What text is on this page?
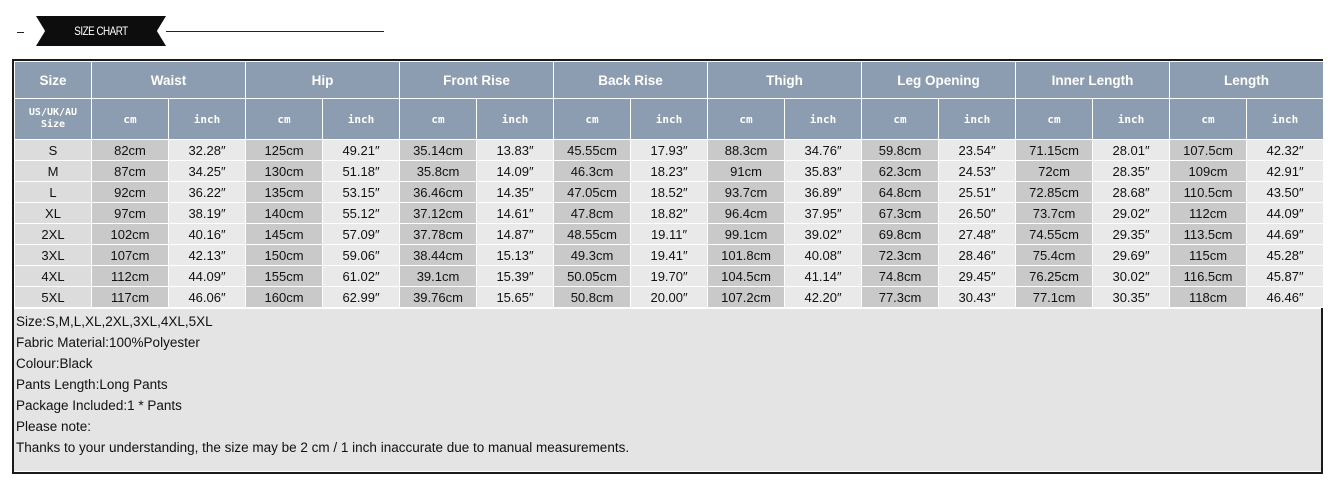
SIZE CHART
Size	Waist		Hip		Front Rise		Back Rise		Thigh		Leg Opening		Inner Length		Length	
US/UK/AU Size	cm	inch	cm	inch	cm	inch	cm	inch	cm	inch	cm	inch	cm	inch	cm	inch
S	82cm	32.28″	125cm	49.21″	35.14cm	13.83″	45.55cm	17.93″	88.3cm	34.76″	59.8cm	23.54″	71.15cm	28.01″	107.5cm	42.32″
M	87cm	34.25″	130cm	51.18″	35.8cm	14.09″	46.3cm	18.23″	91cm	35.83″	62.3cm	24.53″	72cm	28.35″	109cm	42.91″
L	92cm	36.22″	135cm	53.15″	36.46cm	14.35″	47.05cm	18.52″	93.7cm	36.89″	64.8cm	25.51″	72.85cm	28.68″	110.5cm	43.50″
XL	97cm	38.19″	140cm	55.12″	37.12cm	14.61″	47.8cm	18.82″	96.4cm	37.95″	67.3cm	26.50″	73.7cm	29.02″	112cm	44.09″
2XL	102cm	40.16″	145cm	57.09″	37.78cm	14.87″	48.55cm	19.11″	99.1cm	39.02″	69.8cm	27.48″	74.55cm	29.35″	113.5cm	44.69″
3XL	107cm	42.13″	150cm	59.06″	38.44cm	15.13″	49.3cm	19.41″	101.8cm	40.08″	72.3cm	28.46″	75.4cm	29.69″	115cm	45.28″
4XL	112cm	44.09″	155cm	61.02″	39.1cm	15.39″	50.05cm	19.70″	104.5cm	41.14″	74.8cm	29.45″	76.25cm	30.02″	116.5cm	45.87″
5XL	117cm	46.06″	160cm	62.99″	39.76cm	15.65″	50.8cm	20.00″	107.2cm	42.20″	77.3cm	30.43″	77.1cm	30.35″	118cm	46.46″
Size:S,M,L,XL,2XL,3XL,4XL,5XL
Fabric Material:100%Polyester
Colour:Black
Pants Length:Long Pants
Package Included:1 * Pants
Please note:
Thanks to your understanding, the size may be 2 cm / 1 inch inaccurate due to manual measurements.
